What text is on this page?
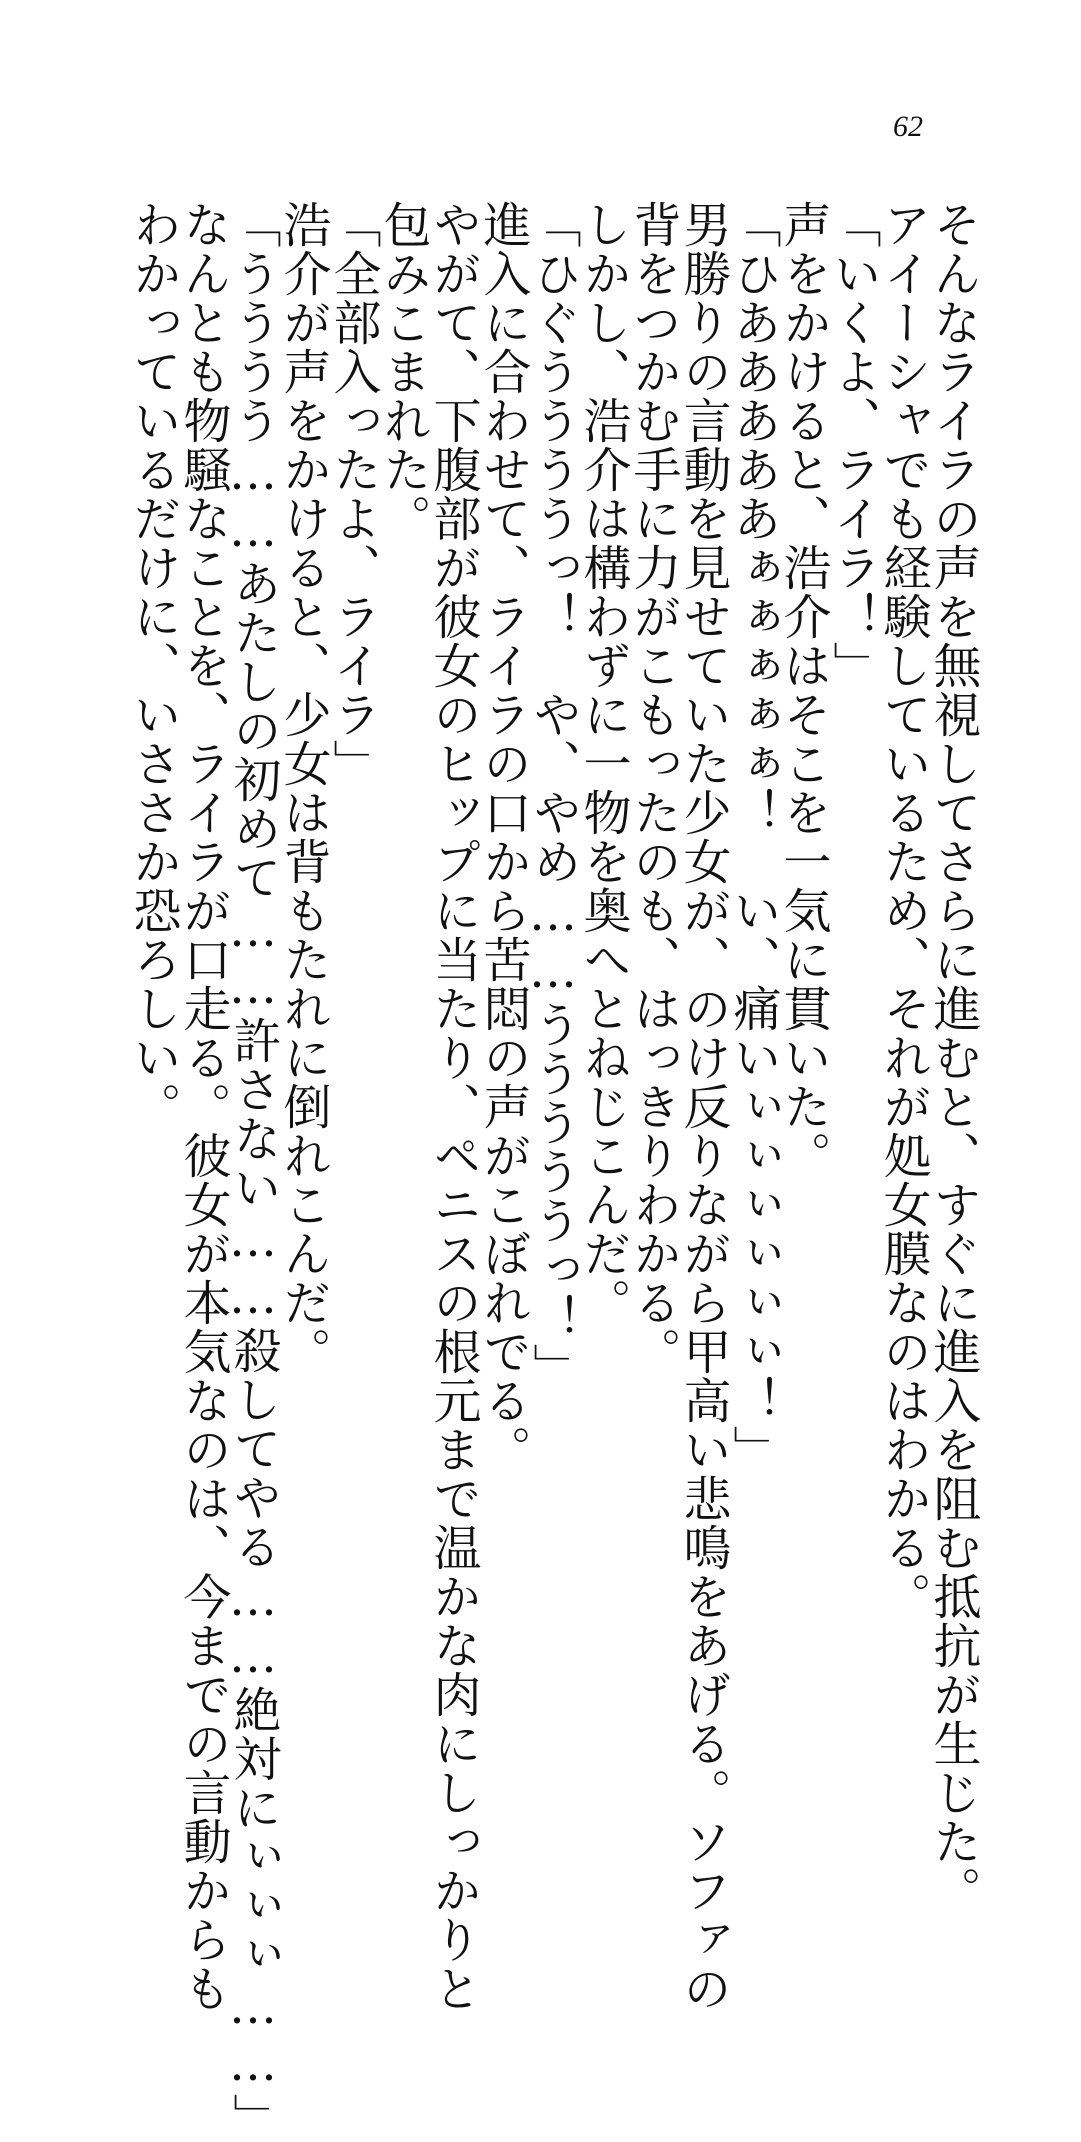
62
そんなライラの声を無視してさらに進むと、すぐに進入を阻む抵抗が生じた。
アイーシャでも経験しているため、それが処女膜なのはわかる。
「いくよ、ライラ！」
声をかけると、浩介はそこを一気に貫いた。
「ひあああああぁぁぁぁぁ！　い、痛いぃぃぃぃぃぃ！」
男勝りの言動を見せていた少女が、のけ反りながら甲高い悲鳴をあげる。ソファの
背をつかむ手に力がこもったのも、はっきりわかる。
しかし、浩介は構わずに一物を奥へとねじこんだ。
「ひぐううううっ！　や、やめ……うううううっ！」
進入に合わせて、ライラの口から苦悶の声がこぼれでる。
やがて、下腹部が彼女のヒップに当たり、ペニスの根元まで温かな肉にしっかりと
包みこまれた。
「全部入ったよ、ライラ」
浩介が声をかけると、少女は背もたれに倒れこんだ。
「うううう……あたしの初めて……許さない……殺してやる……絶対にぃぃぃ……」
なんとも物騒なことを、ライラが口走る。彼女が本気なのは、今までの言動からも
わかっているだけに、いささか恐ろしい。
